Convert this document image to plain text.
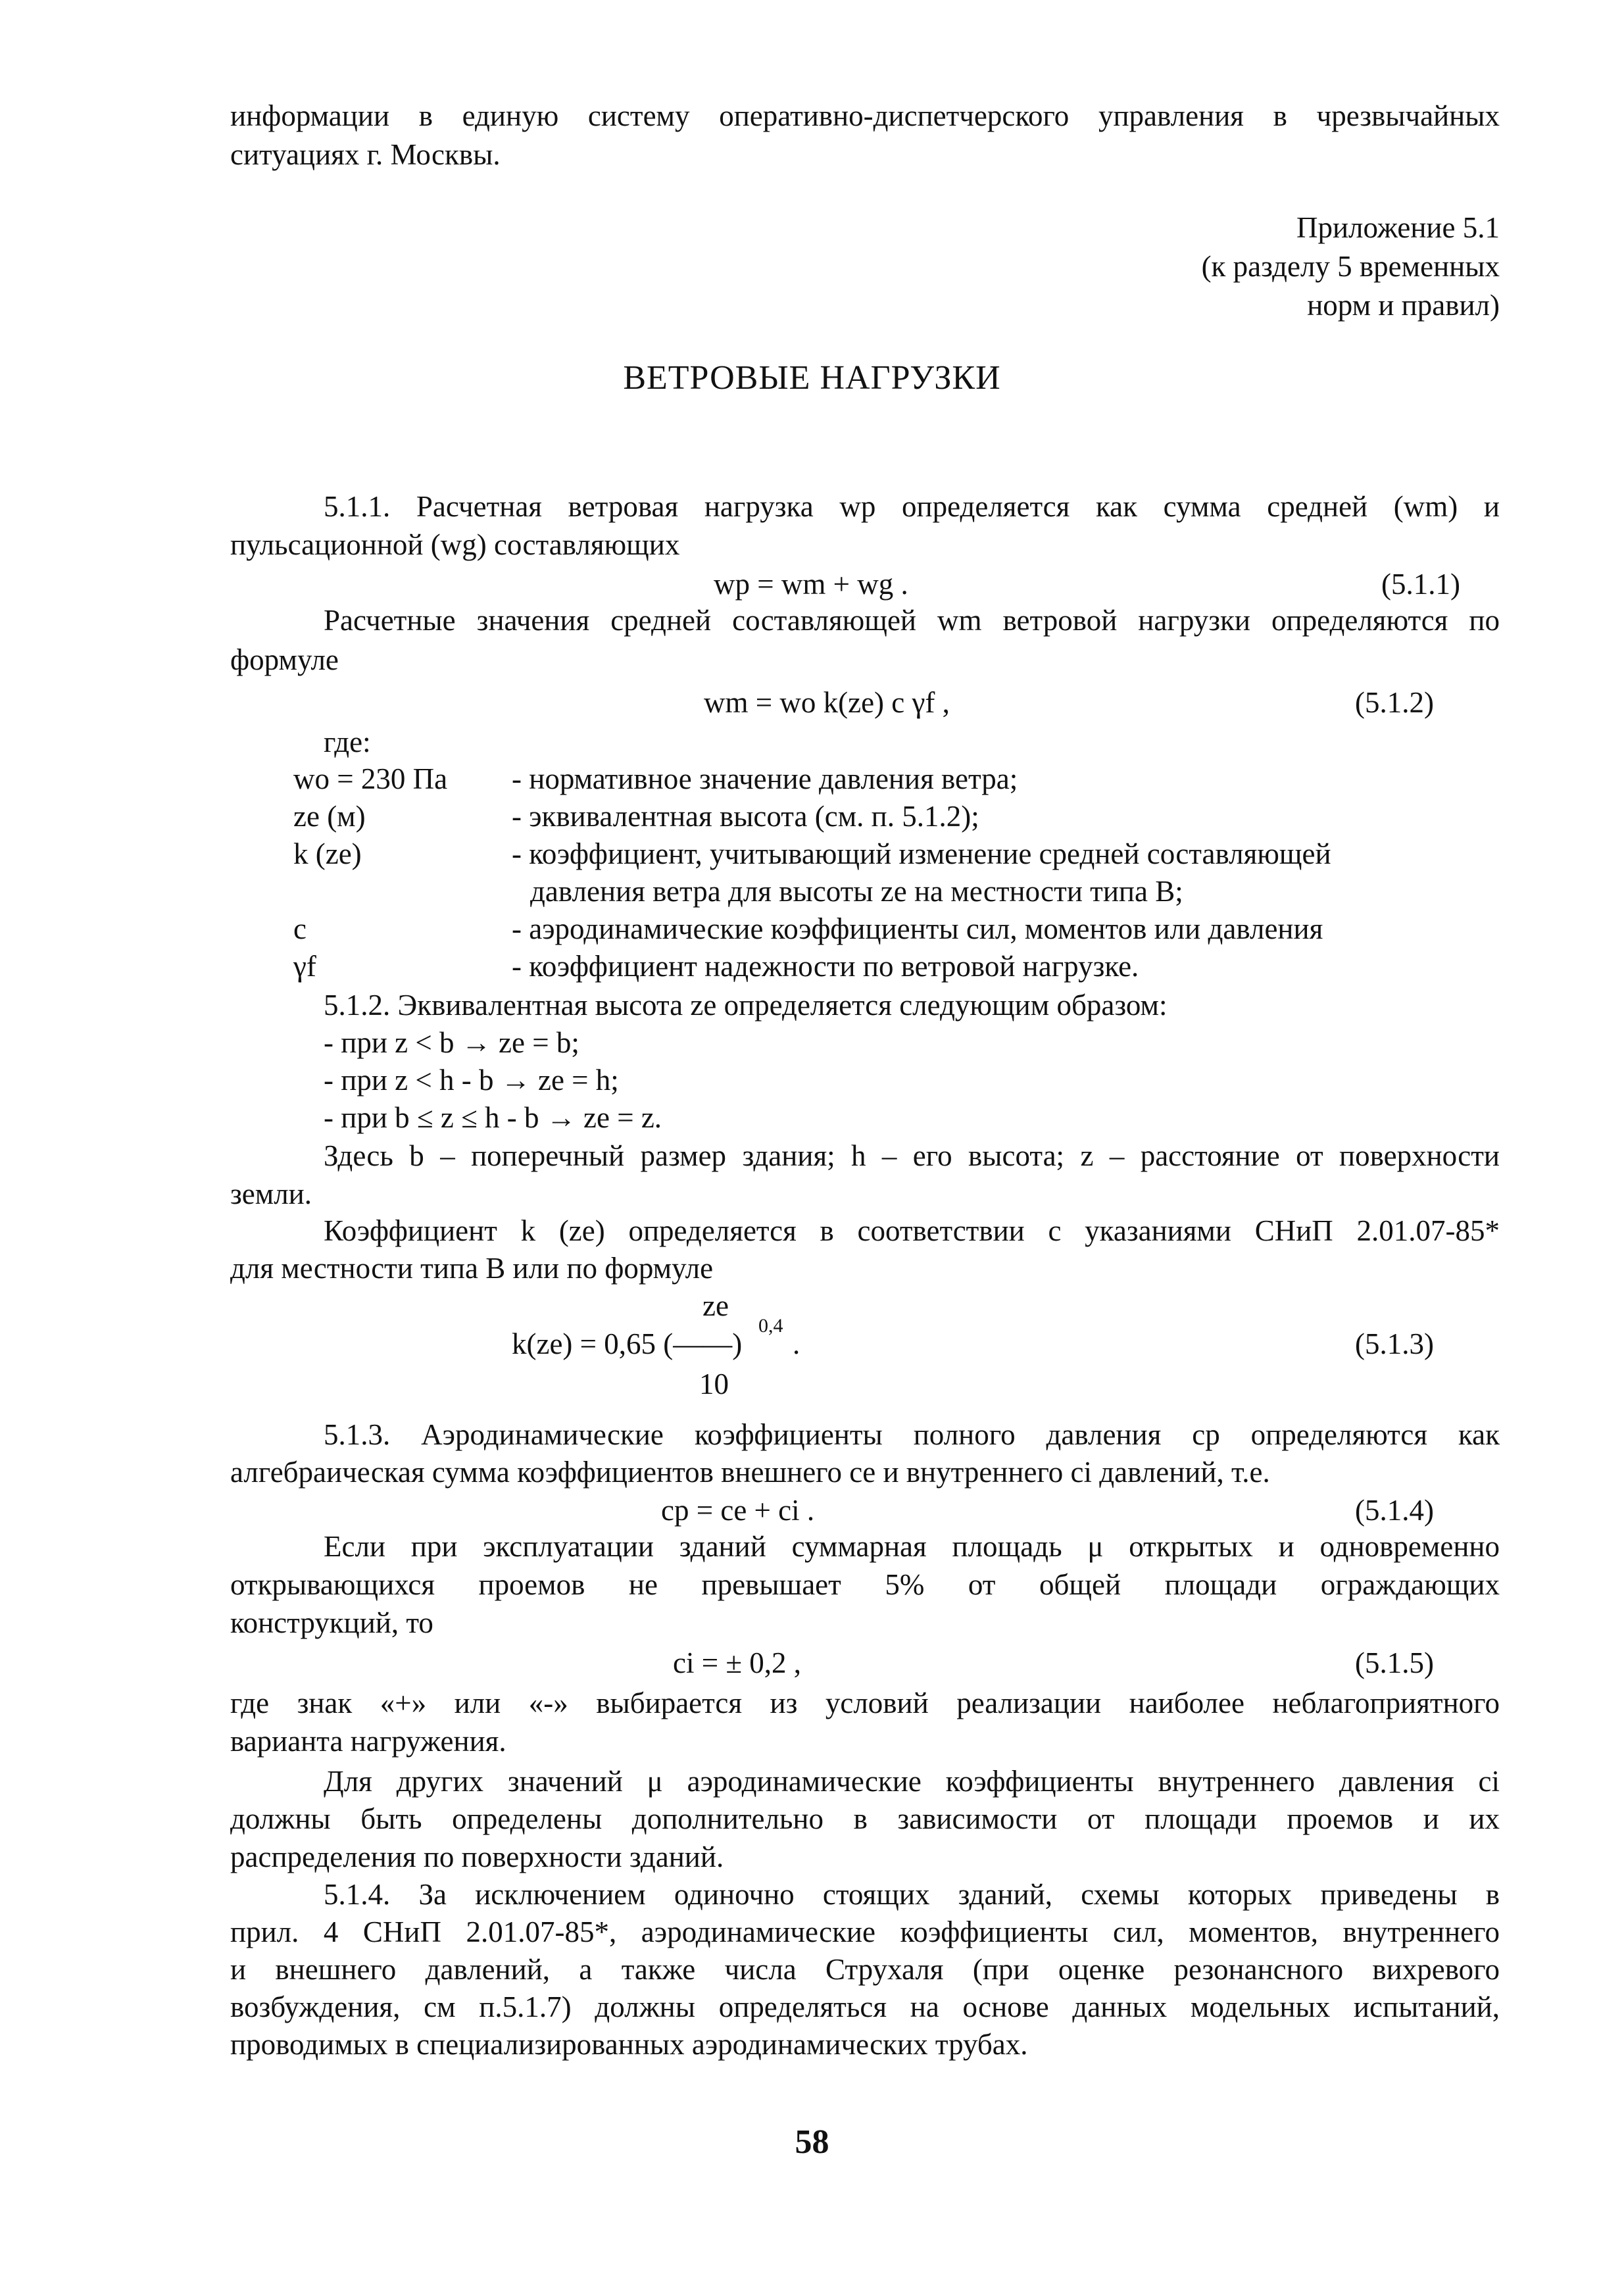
информации в единую систему оперативно-диспетчерского управления в чрезвычайных
ситуациях г. Москвы.
Приложение 5.1
(к разделу 5 временных
норм и правил)
ВЕТРОВЫЕ НАГРУЗКИ
5.1.1. Расчетная ветровая нагрузка wp определяется как сумма средней (wm) и
пульсационной (wg) составляющих
wp = wm + wg .	(5.1.1)
Расчетные значения средней составляющей wm ветровой нагрузки определяются по
формуле
wm = wo k(ze) c γf ,	(5.1.2)
где:
wo = 230 Па - нормативное значение давления ветра;
ze (м)	- эквивалентная высота (см. п. 5.1.2);
k (ze)	- коэффициент, учитывающий изменение средней составляющей
давления ветра для высоты ze на местности типа B;
c	- аэродинамические коэффициенты сил, моментов или давления
γf	- коэффициент надежности по ветровой нагрузке.
5.1.2. Эквивалентная высота ze определяется следующим образом:
- при z < b → ze = b;
- при z < h - b → ze = h;
- при b ≤ z ≤ h - b → ze = z.
Здесь b – поперечный размер здания; h – его высота; z – расстояние от поверхности
земли.
Коэффициент k (ze) определяется в соответствии с указаниями СНиП 2.01.07-85*
для местности типа B или по формуле
ze
k(ze) = 0,65 (——)
0,4
.
10
(5.1.3)
5.1.3. Аэродинамические коэффициенты полного давления cp определяются как
алгебраическая сумма коэффициентов внешнего ce и внутреннего ci давлений, т.е.
cp = ce + ci .	(5.1.4)
Если при эксплуатации зданий суммарная площадь μ открытых и одновременно
открывающихся проемов не превышает 5% от общей площади ограждающих
конструкций, то
ci = ± 0,2 ,	(5.1.5)
где знак «+» или «-» выбирается из условий реализации наиболее неблагоприятного
варианта нагружения.
Для других значений μ аэродинамические коэффициенты внутреннего давления ci
должны быть определены дополнительно в зависимости от площади проемов и их
распределения по поверхности зданий.
5.1.4. За исключением одиночно стоящих зданий, схемы которых приведены в
прил. 4 СНиП 2.01.07-85*, аэродинамические коэффициенты сил, моментов, внутреннего
и внешнего давлений, а также числа Струхаля (при оценке резонансного вихревого
возбуждения, см п.5.1.7) должны определяться на основе данных модельных испытаний,
проводимых в специализированных аэродинамических трубах.
58
